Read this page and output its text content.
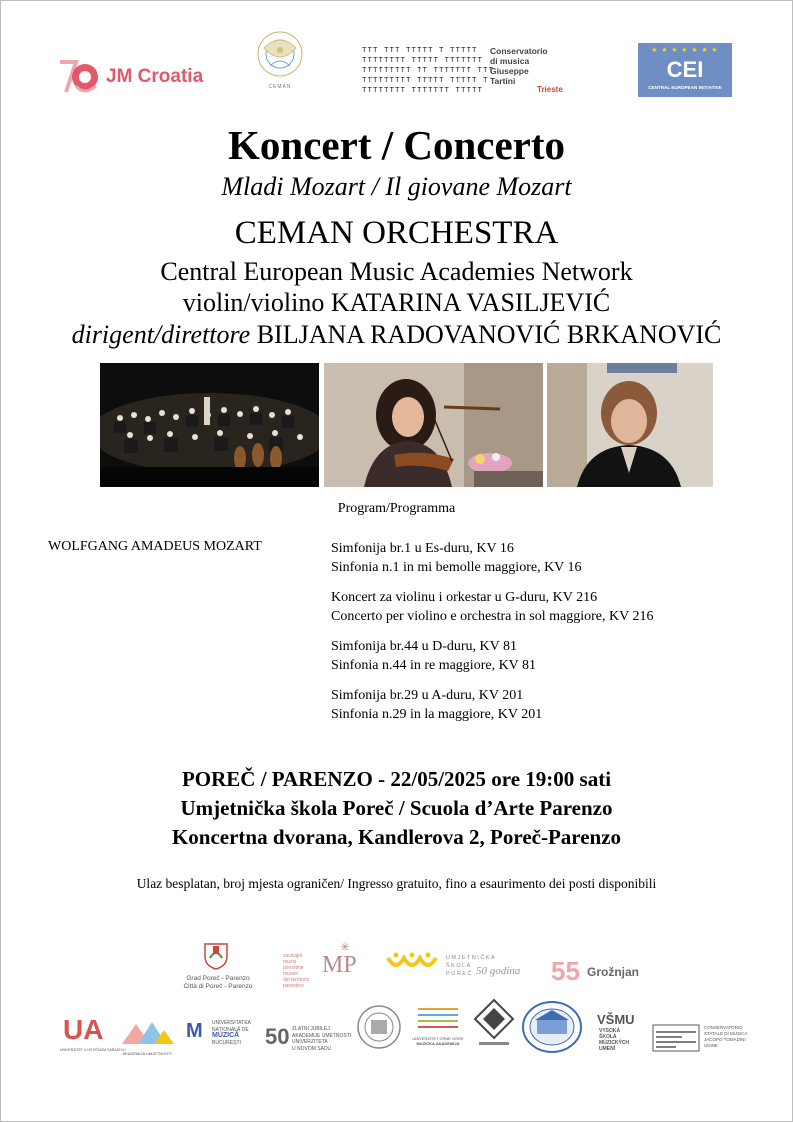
JM Croatia	CEMAN
TTT TTT TTTTT T TTTTT
TTTTTTTT TTTTT TTTTTTT
TTTTTTTTT TT TTTTTTT TTT
TTTTTTTTT TTTTT TTTTT T
TTTTTTTT TTTTTTT TTTTT
Conservatorio
di musica
Giuseppe
Tartini
Trieste
★ ★ ★ ★ ★ ★ ★
CEI
CENTRAL EUROPEAN INITIATIVE
Koncert / Concerto
Mladi Mozart / Il giovane Mozart
CEMAN ORCHESTRA
Central European Music Academies Network
violin/violino KATARINA VASILJEVIĆ
dirigent/direttore BILJANA RADOVANOVIĆ BRKANOVIĆ
Program/Programma
WOLFGANG AMADEUS MOZART	Simfonija br.1 u Es-duru, KV 16
Sinfonia n.1 in mi bemolle maggiore, KV 16
Koncert za violinu i orkestar u G-duru, KV 216
Concerto per violino e orchestra in sol maggiore, KV 216
Simfonija br.44 u D-duru, KV 81
Sinfonia n.44 in re maggiore, KV 81
Simfonija br.29 u A-duru, KV 201
Sinfonia n.29 in la maggiore, KV 201
POREČ / PARENZO - 22/05/2025 ore 19:00 sati
Umjetnička škola Poreč / Scuola d’Arte Parenzo
Koncertna dvorana, Kandlerova 2, Poreč-Parenzo
Ulaz besplatan, broj mjesta ograničen/ Ingresso gratuito, fino a esaurimento dei posti disponibili
Grad Poreč - Parenzo
Città di Poreč - Parenzo
zavičajni
muzej
poreštine
museo
del territorio
parentino
MP
✳
UMJETNIČKA
ŠKOLA
POREČ 50 godina 55 Grožnjan
UA
UNIVERZITET U ISTOČNOM SARAJEVU
AKADEMIJA UMJETNOSTI
M UNIVERSITATEA
NAȚIONALĂ DE
MUZICĂ
BUCUREȘTI	50 ZLATNI JUBILEJ
AKADEMIJE UMETNOSTI
UNIVERZITETA
U NOVOM SADU
UNIVERZITET CRNE GORE
MUZIČKA AKADEMIJA
VŠMU
VYSOKÁ
ŠKOLA
MÚZICKÝCH
UMENÍ
CONSERVATORIO
STATALE DI MUSICA
JACOPO TOMADINI
UDINE
